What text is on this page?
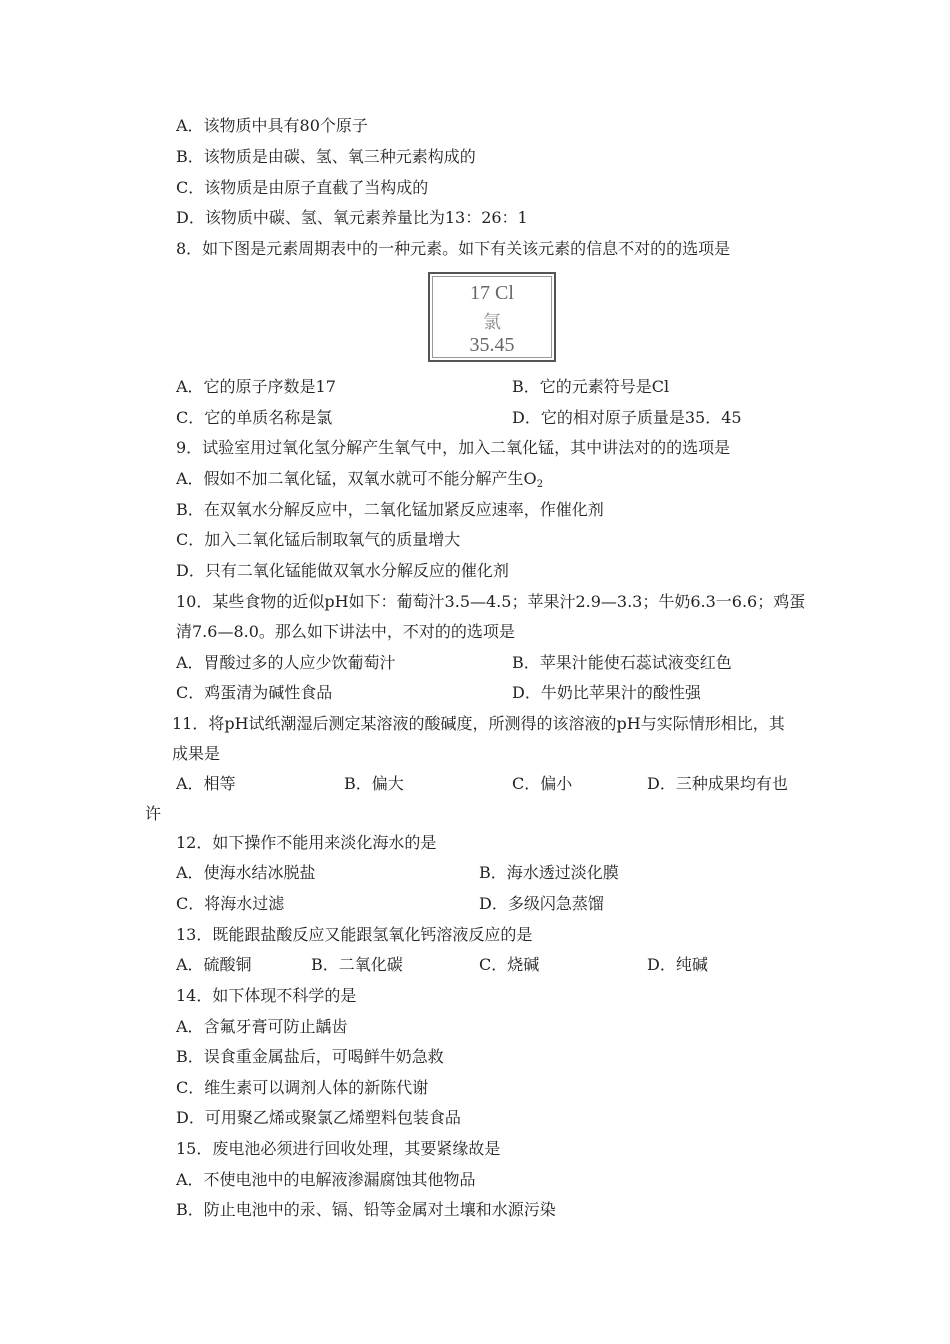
A．该物质中具有80个原子
B．该物质是由碳、氢、氧三种元素构成的
C．该物质是由原子直截了当构成的
D．该物质中碳、氢、氧元素养量比为13：26：1
8．如下图是元素周期表中的一种元素。如下有关该元素的信息不对的的选项是
17 Cl
氯
35.45
A．它的原子序数是17	B．它的元素符号是Cl
C．它的单质名称是氯	D．它的相对原子质量是35．45
9．试验室用过氧化氢分解产生氧气中，加入二氧化锰，其中讲法对的的选项是
A．假如不加二氧化锰，双氧水就可不能分解产生$O_2$
B．在双氧水分解反应中，二氧化锰加紧反应速率，作催化剂
C．加入二氧化锰后制取氧气的质量增大
D．只有二氧化锰能做双氧水分解反应的催化剂
10．某些食物的近似pH如下：葡萄汁3.5—4.5；苹果汁2.9—3.3；牛奶6.3一6.6；鸡蛋
清7.6—8.0。那么如下讲法中，不对的的选项是
A．胃酸过多的人应少饮葡萄汁	B．苹果汁能使石蕊试液变红色
C．鸡蛋清为碱性食品	D．牛奶比苹果汁的酸性强
11．将pH试纸潮湿后测定某溶液的酸碱度，所测得的该溶液的pH与实际情形相比，其
成果是
A．相等	B．偏大	C．偏小	D．三种成果均有也
许
12．如下操作不能用来淡化海水的是
A．使海水结冰脱盐	B．海水透过淡化膜
C．将海水过滤	D．多级闪急蒸馏
13．既能跟盐酸反应又能跟氢氧化钙溶液反应的是
A．硫酸铜	B．二氧化碳	C．烧碱	D．纯碱
14．如下体现不科学的是
A．含氟牙膏可防止龋齿
B．误食重金属盐后，可喝鲜牛奶急救
C．维生素可以调剂人体的新陈代谢
D．可用聚乙烯或聚氯乙烯塑料包装食品
15．废电池必须进行回收处理，其要紧缘故是
A．不使电池中的电解液渗漏腐蚀其他物品
B．防止电池中的汞、镉、铅等金属对土壤和水源污染
